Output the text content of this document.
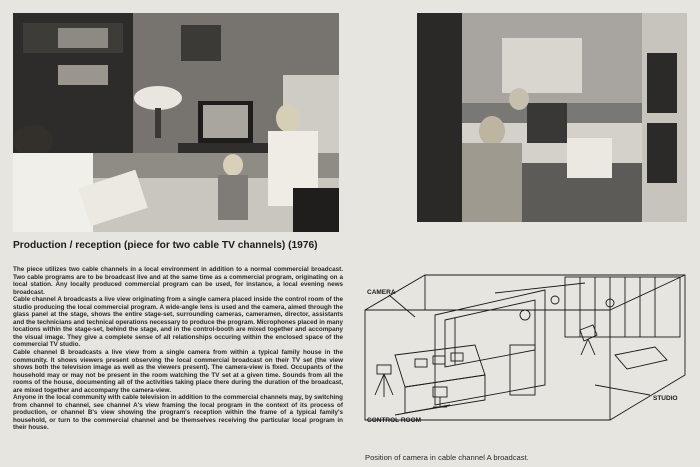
Production / reception (piece for two cable TV channels) (1976)

The piece utilizes two cable channels in a local environment in addition to a normal commercial broadcast. Two cable programs are to be broadcast live and at the same time as a commercial program, originating on a local station. Any locally produced commercial program can be used, for instance, a local evening news broadcast.

Cable channel A broadcasts a live view originating from a single camera placed inside the control room of the studio producing the local commercial program. A wide-angle lens is used and the camera, aimed through the glass panel at the stage, shows the entire stage-set, surrounding cameras, cameramen, director, assistants and the technicians and technical operations necessary to produce the program. Microphones placed in many locations within the stage-set, behind the stage, and in the control-booth are mixed together and accompany the visual image. They give a complete sense of all relationships occuring within the enclosed space of the commercial TV studio.

Cable channel B broadcasts a live view from a single camera from within a typical family house in the community. It shows viewers present observing the local commercial broadcast on their TV set (the view shows both the television image as well as the viewers present). The camera-view is fixed. Occupants of the household may or may not be present in the room watching the TV set at a given time. Sounds from all the rooms of the house, documenting all of the activities taking place there during the duration of the broadcast, are mixed together and accompany the camera-view.

Anyone in the local community with cable television in addition to the commercial channels may, by switching from channel to channel, see channel A's view framing the local program in the context of its process of production, or channel B's view showing the program's reception within the frame of a typical family's household, or turn to the commercial channel and be themselves receiving the particular local program in their house.

CAMERA
STUDIO
CONTROL ROOM
Position of camera in cable channel A broadcast.
